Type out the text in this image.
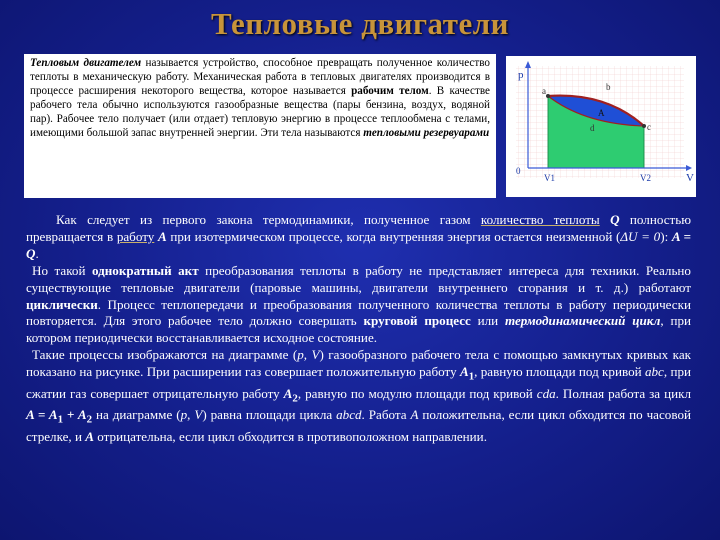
Тепловые двигатели
Тепловым двигателем называется устройство, способное превращать полученное количество теплоты в механическую работу. Механическая работа в тепловых двигателях производится в процессе расширения некоторого вещества, которое называется рабочим телом. В качестве рабочего тела обычно используются газообразные вещества (пары бензина, воздух, водяной пар). Рабочее тело получает (или отдает) тепловую энергию в процессе теплообмена с телами, имеющими большой запас внутренней энергии. Эти тела называются тепловыми резервуарами
p
V
0
a	b
c
d
A
V1	V2

Как следует из первого закона термодинамики, полученное газом количество теплоты Q полностью превращается в работу A при изотермическом процессе, когда внутренняя энергия остается неизменной (ΔU = 0): A = Q.

Но такой однократный акт преобразования теплоты в работу не представляет интереса для техники. Реально существующие тепловые двигатели (паровые машины, двигатели внутреннего сгорания и т. д.) работают циклически. Процесс теплопередачи и преобразования полученного количества теплоты в работу периодически повторяется. Для этого рабочее тело должно совершать круговой процесс или термодинамический цикл, при котором периодически восстанавливается исходное состояние.

Такие процессы изображаются на диаграмме (p, V) газообразного рабочего тела с помощью замкнутых кривых как показано на рисунке. При расширении газ совершает положительную работу $A_1$, равную площади под кривой abc, при сжатии газ совершает отрицательную работу $A_2$, равную по модулю площади под кривой cda. Полная работа за цикл $A = A_1 + A_2$ на диаграмме (p, V) равна площади цикла abcd. Работа A положительна, если цикл обходится по часовой стрелке, и A отрицательна, если цикл обходится в противоположном направлении.
